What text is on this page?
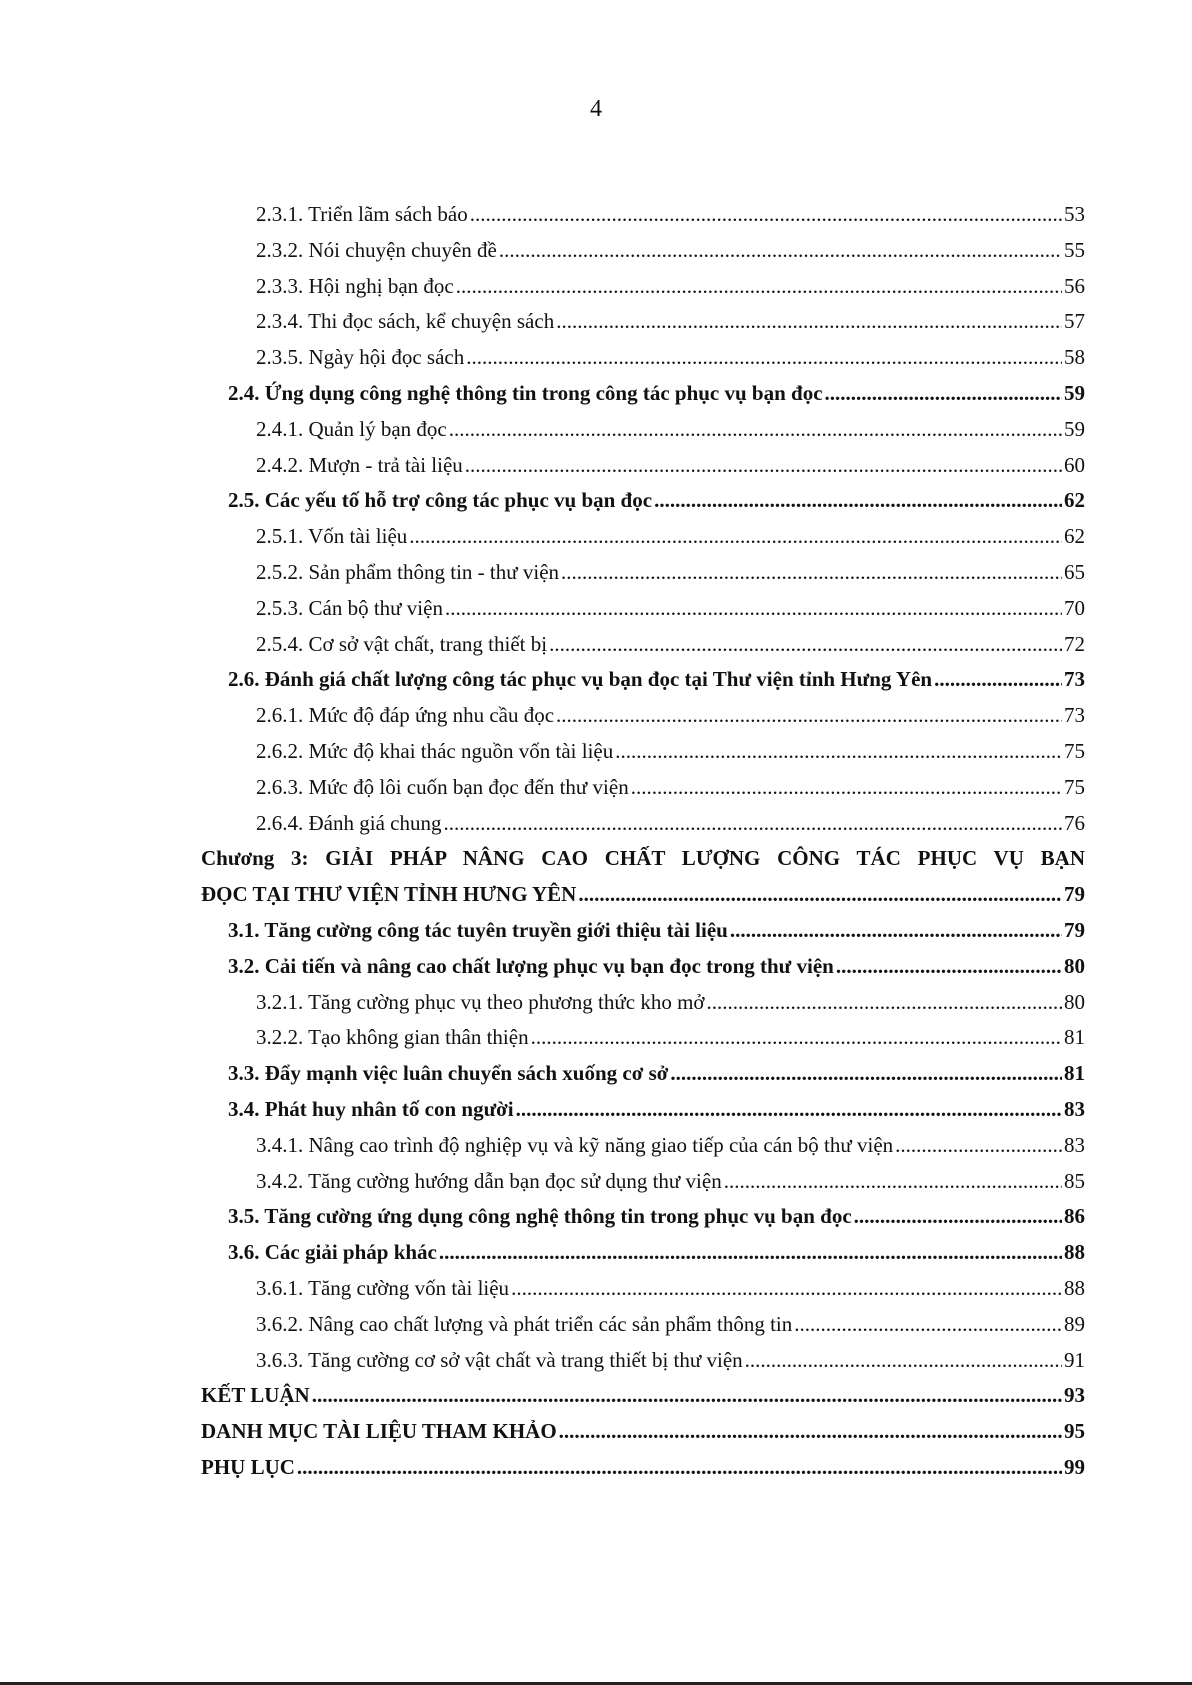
4
2.3.1. Triển lãm sách báo .....	53
2.3.2. Nói chuyện chuyên đề .....	55
2.3.3. Hội nghị bạn đọc .....	56
2.3.4. Thi đọc sách, kể chuyện sách .....	57
2.3.5. Ngày hội đọc sách .....	58
2.4. Ứng dụng công nghệ thông tin trong công tác phục vụ bạn đọc .....	59
2.4.1. Quản lý bạn đọc .....	59
2.4.2. Mượn - trả tài liệu .....	60
2.5. Các yếu tố hỗ trợ công tác phục vụ bạn đọc .....	62
2.5.1. Vốn tài liệu .....	62
2.5.2. Sản phẩm thông tin - thư viện .....	65
2.5.3. Cán bộ thư viện .....	70
2.5.4. Cơ sở vật chất, trang thiết bị .....	72
2.6. Đánh giá chất lượng công tác phục vụ bạn đọc tại Thư viện tỉnh Hưng Yên .....	73
2.6.1. Mức độ đáp ứng nhu cầu đọc .....	73
2.6.2. Mức độ khai thác nguồn vốn tài liệu .....	75
2.6.3. Mức độ lôi cuốn bạn đọc đến thư viện .....	75
2.6.4. Đánh giá chung .....	76
Chương 3: GIẢI PHÁP NÂNG CAO CHẤT LƯỢNG CÔNG TÁC PHỤC VỤ BẠN
ĐỌC TẠI THƯ VIỆN TỈNH HƯNG YÊN .....	79
3.1. Tăng cường công tác tuyên truyền giới thiệu tài liệu .....	79
3.2. Cải tiến và nâng cao chất lượng phục vụ bạn đọc trong thư viện .....	80
3.2.1. Tăng cường phục vụ theo phương thức kho mở .....	80
3.2.2. Tạo không gian thân thiện .....	81
3.3. Đẩy mạnh việc luân chuyển sách xuống cơ sở .....	81
3.4. Phát huy nhân tố con người .....	83
3.4.1. Nâng cao trình độ nghiệp vụ và kỹ năng giao tiếp của cán bộ thư viện .....	83
3.4.2. Tăng cường hướng dẫn bạn đọc sử dụng thư viện .....	85
3.5. Tăng cường ứng dụng công nghệ thông tin trong phục vụ bạn đọc .....	86
3.6. Các giải pháp khác .....	88
3.6.1. Tăng cường vốn tài liệu .....	88
3.6.2. Nâng cao chất lượng và phát triển các sản phẩm thông tin .....	89
3.6.3. Tăng cường cơ sở vật chất và trang thiết bị thư viện .....	91
KẾT LUẬN .....	93
DANH MỤC TÀI LIỆU THAM KHẢO .....	95
PHỤ LỤC .....	99
